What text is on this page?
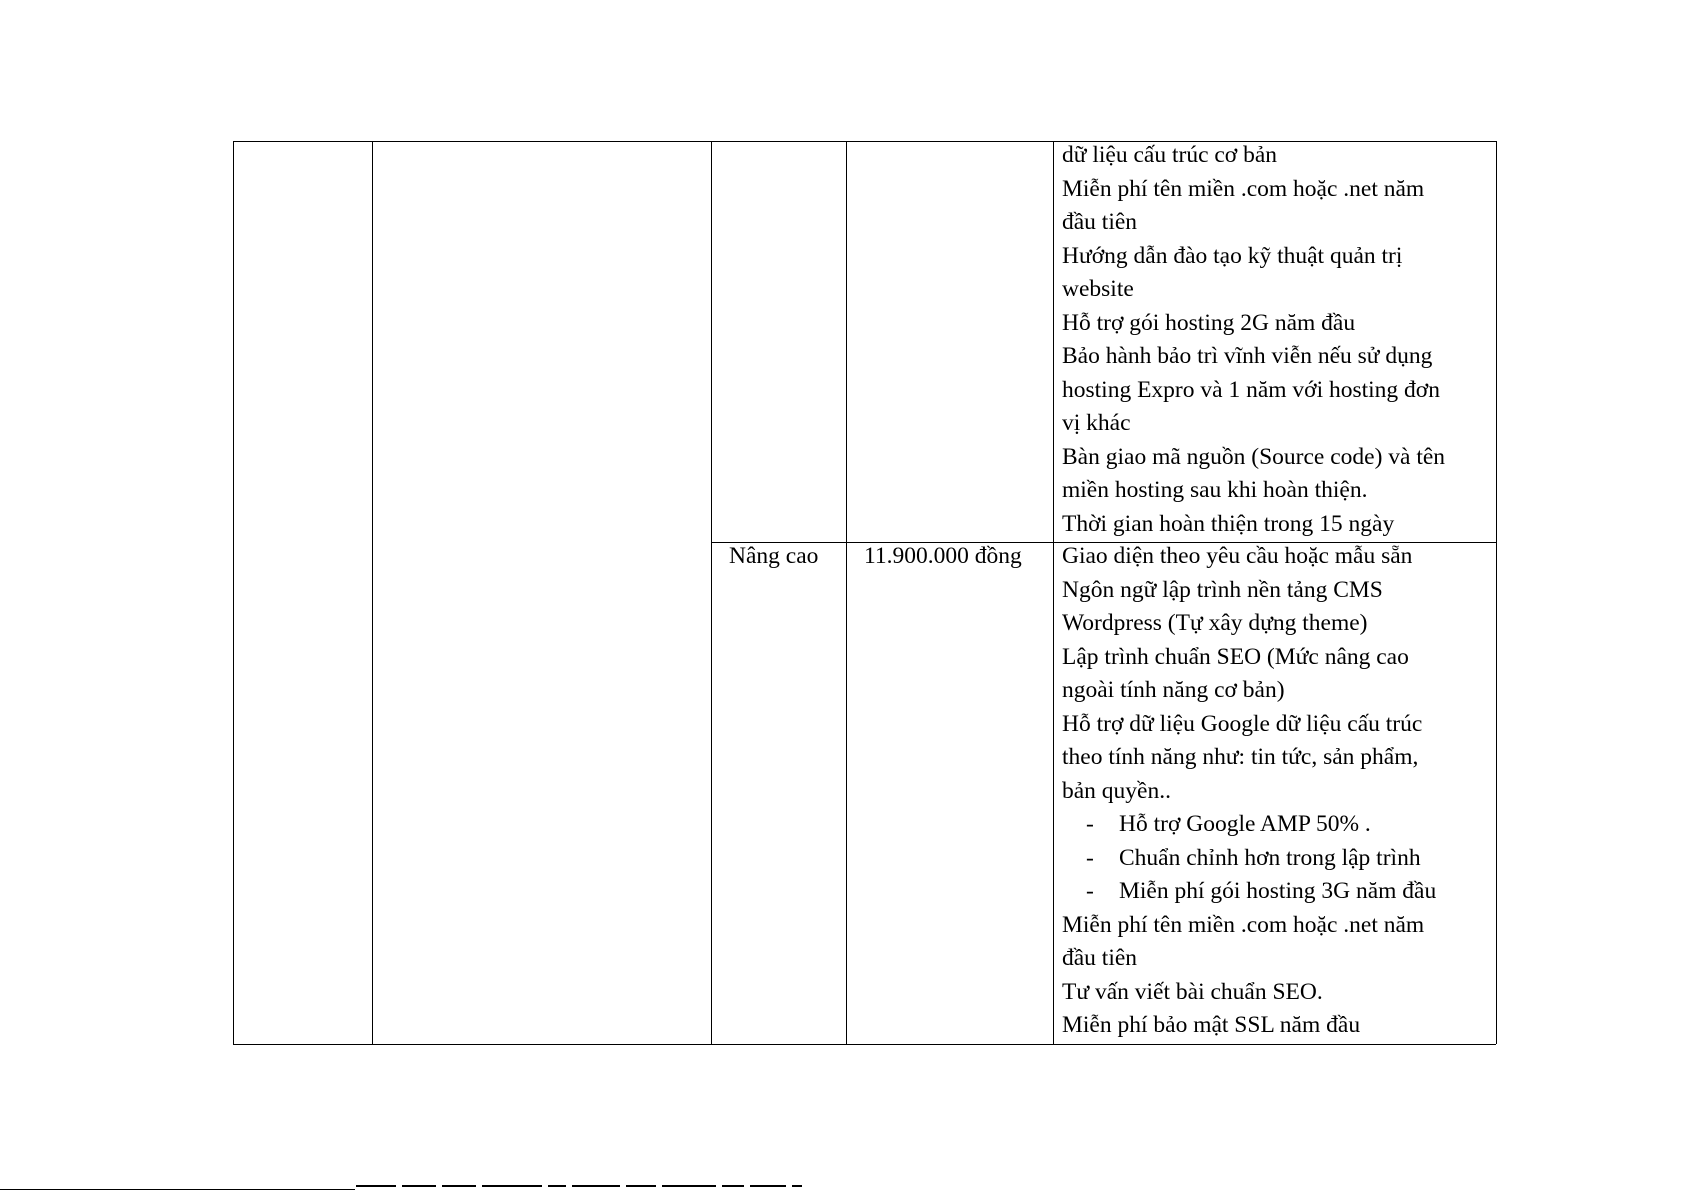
dữ liệu cấu trúc cơ bản
Miễn phí tên miền .com hoặc .net năm
đầu tiên
Hướng dẫn đào tạo kỹ thuật quản trị
website
Hỗ trợ gói hosting 2G năm đầu
Bảo hành bảo trì vĩnh viễn nếu sử dụng
hosting Expro và 1 năm với hosting đơn
vị khác
Bàn giao mã nguồn (Source code) và tên
miền hosting sau khi hoàn thiện.
Thời gian hoàn thiện trong 15 ngày
Nâng cao 11.900.000 đồng Giao diện theo yêu cầu hoặc mẫu sẵn
Ngôn ngữ lập trình nền tảng CMS
Wordpress (Tự xây dựng theme)
Lập trình chuẩn SEO (Mức nâng cao
ngoài tính năng cơ bản)
Hỗ trợ dữ liệu Google dữ liệu cấu trúc
theo tính năng như: tin tức, sản phẩm,
bản quyền..
- Hỗ trợ Google AMP 50% .
- Chuẩn chỉnh hơn trong lập trình
- Miễn phí gói hosting 3G năm đầu
Miễn phí tên miền .com hoặc .net năm
đầu tiên
Tư vấn viết bài chuẩn SEO.
Miễn phí bảo mật SSL năm đầu
